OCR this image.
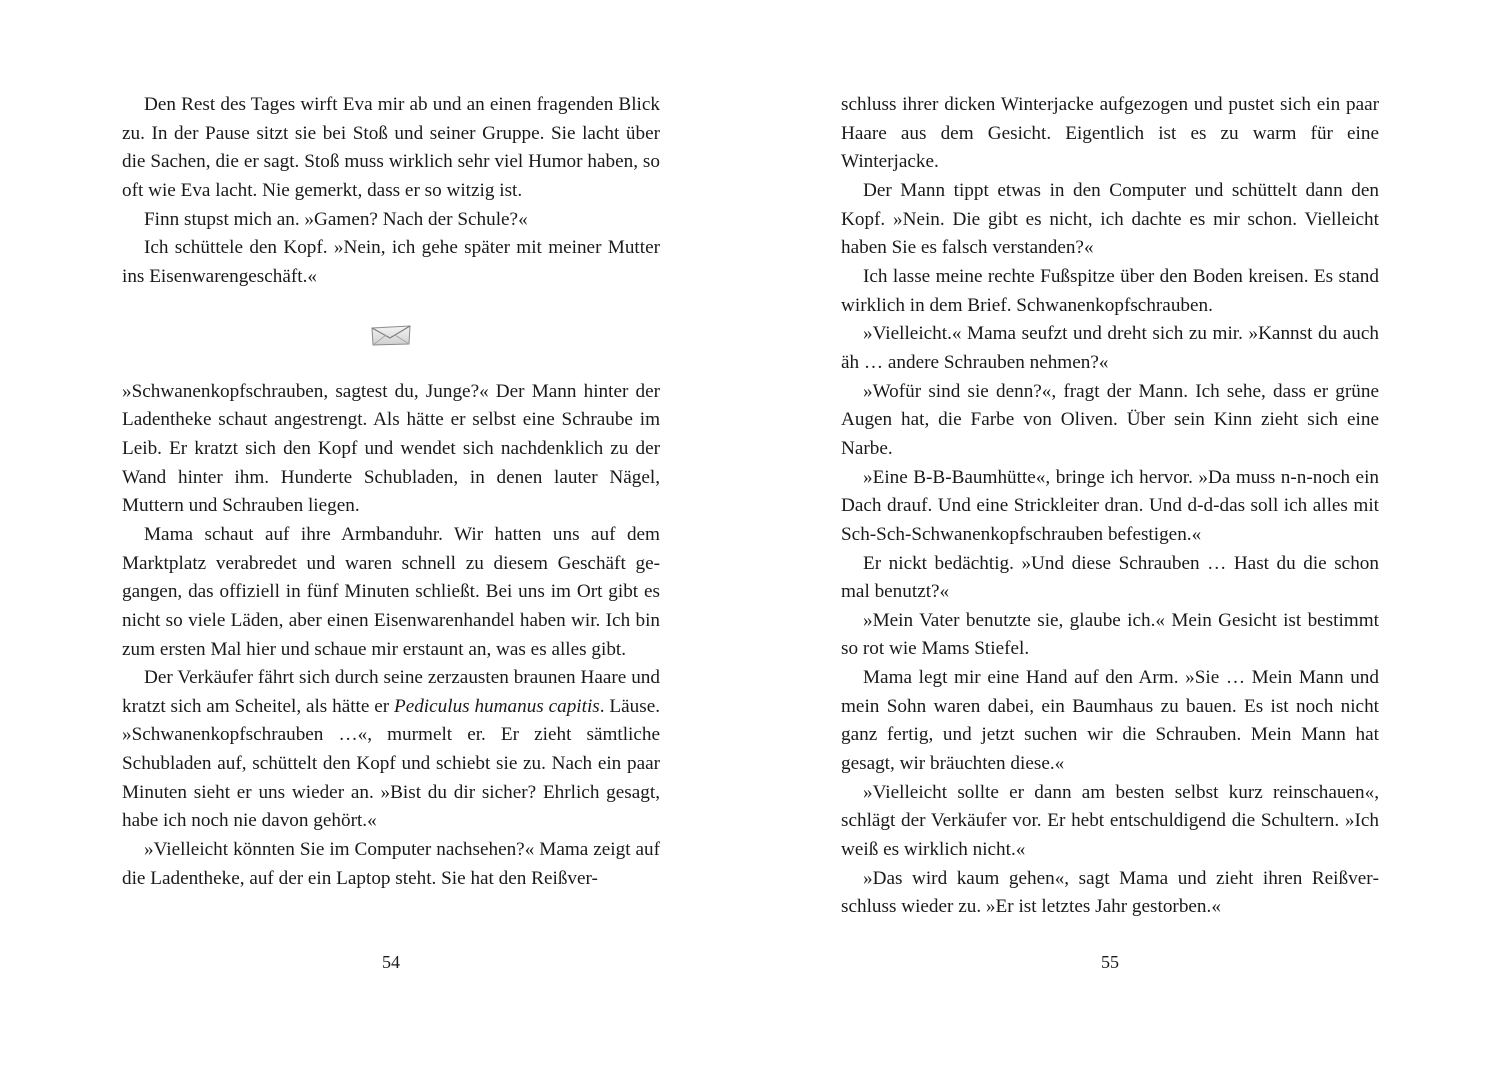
Den Rest des Tages wirft Eva mir ab und an einen fragenden Blick zu. In der Pause sitzt sie bei Stoß und seiner Gruppe. Sie lacht über die Sachen, die er sagt. Stoß muss wirklich sehr viel Humor haben, so oft wie Eva lacht. Nie gemerkt, dass er so witzig ist.

Finn stupst mich an. »Gamen? Nach der Schule?«

Ich schüttele den Kopf. »Nein, ich gehe später mit meiner Mutter ins Eisenwarengeschäft.«

»Schwanenkopfschrauben, sagtest du, Junge?« Der Mann hinter der Ladentheke schaut angestrengt. Als hätte er selbst eine Schraube im Leib. Er kratzt sich den Kopf und wendet sich nachdenklich zu der Wand hinter ihm. Hunderte Schubladen, in denen lauter Nägel, Muttern und Schrauben liegen.

Mama schaut auf ihre Armbanduhr. Wir hatten uns auf dem Marktplatz verabredet und waren schnell zu diesem Geschäft gegangen, das offiziell in fünf Minuten schließt. Bei uns im Ort gibt es nicht so viele Läden, aber einen Eisenwarenhandel haben wir. Ich bin zum ersten Mal hier und schaue mir erstaunt an, was es alles gibt.

Der Verkäufer fährt sich durch seine zerzausten braunen Haare und kratzt sich am Scheitel, als hätte er Pediculus humanus capitis. Läuse. »Schwanenkopfschrauben …«, murmelt er. Er zieht sämtliche Schubladen auf, schüttelt den Kopf und schiebt sie zu. Nach ein paar Minuten sieht er uns wieder an. »Bist du dir sicher? Ehrlich gesagt, habe ich noch nie davon gehört.«

»Vielleicht könnten Sie im Computer nachsehen?« Mama zeigt auf die Ladentheke, auf der ein Laptop steht. Sie hat den Reißver-

schluss ihrer dicken Winterjacke aufgezogen und pustet sich ein paar Haare aus dem Gesicht. Eigentlich ist es zu warm für eine Winterjacke.

Der Mann tippt etwas in den Computer und schüttelt dann den Kopf. »Nein. Die gibt es nicht, ich dachte es mir schon. Vielleicht haben Sie es falsch verstanden?«

Ich lasse meine rechte Fußspitze über den Boden kreisen. Es stand wirklich in dem Brief. Schwanenkopfschrauben.

»Vielleicht.« Mama seufzt und dreht sich zu mir. »Kannst du auch äh … andere Schrauben nehmen?«

»Wofür sind sie denn?«, fragt der Mann. Ich sehe, dass er grüne Augen hat, die Farbe von Oliven. Über sein Kinn zieht sich eine Narbe.

»Eine B-B-Baumhütte«, bringe ich hervor. »Da muss n-n-noch ein Dach drauf. Und eine Strickleiter dran. Und d-d-das soll ich alles mit Sch-Sch-Schwanenkopfschrauben befestigen.«

Er nickt bedächtig. »Und diese Schrauben … Hast du die schon mal benutzt?«

»Mein Vater benutzte sie, glaube ich.« Mein Gesicht ist bestimmt so rot wie Mams Stiefel.

Mama legt mir eine Hand auf den Arm. »Sie … Mein Mann und mein Sohn waren dabei, ein Baumhaus zu bauen. Es ist noch nicht ganz fertig, und jetzt suchen wir die Schrauben. Mein Mann hat gesagt, wir bräuchten diese.«

»Vielleicht sollte er dann am besten selbst kurz reinschauen«, schlägt der Verkäufer vor. Er hebt entschuldigend die Schultern. »Ich weiß es wirklich nicht.«

»Das wird kaum gehen«, sagt Mama und zieht ihren Reißverschluss wieder zu. »Er ist letztes Jahr gestorben.«

54	55
